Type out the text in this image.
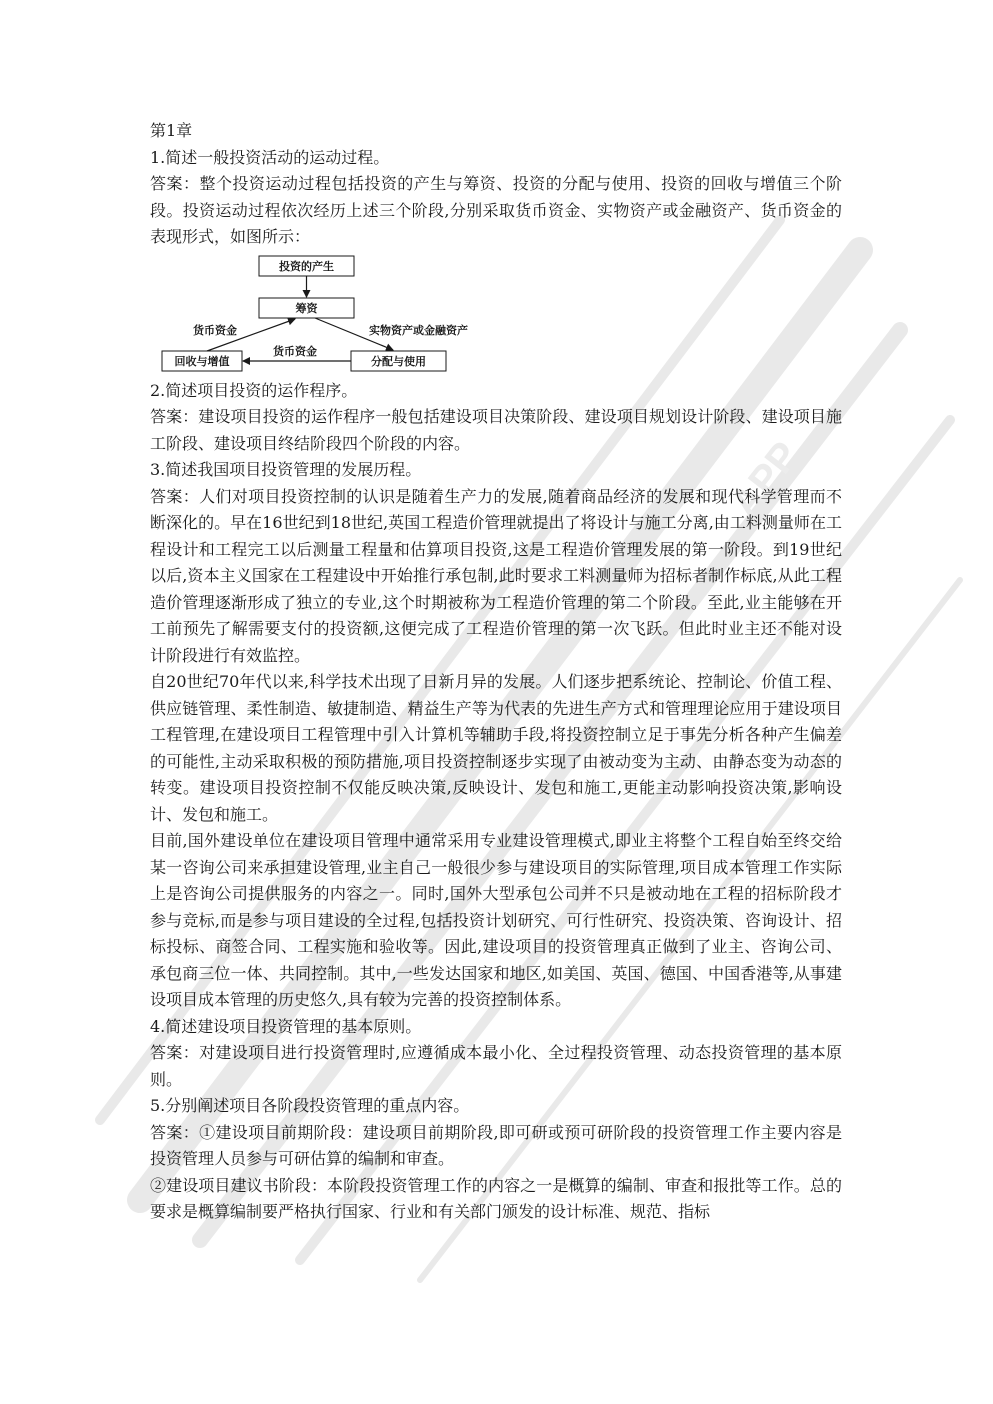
APP

第1章

1.简述一般投资活动的运动过程。

答案：整个投资运动过程包括投资的产生与筹资、投资的分配与使用、投资的回收与增值三个阶段。投资运动过程依次经历上述三个阶段,分别采取货币资金、实物资产或金融资产、货币资金的表现形式，如图所示：

投资的产生
筹资
回收与增值	分配与使用
货币资金	实物资产或金融资产
货币资金

2.简述项目投资的运作程序。

答案：建设项目投资的运作程序一般包括建设项目决策阶段、建设项目规划设计阶段、建设项目施工阶段、建设项目终结阶段四个阶段的内容。

3.简述我国项目投资管理的发展历程。

答案：人们对项目投资控制的认识是随着生产力的发展,随着商品经济的发展和现代科学管理而不断深化的。早在16世纪到18世纪,英国工程造价管理就提出了将设计与施工分离,由工料测量师在工程设计和工程完工以后测量工程量和估算项目投资,这是工程造价管理发展的第一阶段。到19世纪以后,资本主义国家在工程建设中开始推行承包制,此时要求工料测量师为招标者制作标底,从此工程造价管理逐渐形成了独立的专业,这个时期被称为工程造价管理的第二个阶段。至此,业主能够在开工前预先了解需要支付的投资额,这便完成了工程造价管理的第一次飞跃。但此时业主还不能对设计阶段进行有效监控。

自20世纪70年代以来,科学技术出现了日新月异的发展。人们逐步把系统论、控制论、价值工程、供应链管理、柔性制造、敏捷制造、精益生产等为代表的先进生产方式和管理理论应用于建设项目工程管理,在建设项目工程管理中引入计算机等辅助手段,将投资控制立足于事先分析各种产生偏差的可能性,主动采取积极的预防措施,项目投资控制逐步实现了由被动变为主动、由静态变为动态的转变。建设项目投资控制不仅能反映决策,反映设计、发包和施工,更能主动影响投资决策,影响设计、发包和施工。

目前,国外建设单位在建设项目管理中通常采用专业建设管理模式,即业主将整个工程自始至终交给某一咨询公司来承担建设管理,业主自己一般很少参与建设项目的实际管理,项目成本管理工作实际上是咨询公司提供服务的内容之一。同时,国外大型承包公司并不只是被动地在工程的招标阶段才参与竞标,而是参与项目建设的全过程,包括投资计划研究、可行性研究、投资决策、咨询设计、招标投标、商签合同、工程实施和验收等。因此,建设项目的投资管理真正做到了业主、咨询公司、承包商三位一体、共同控制。其中,一些发达国家和地区,如美国、英国、德国、中国香港等,从事建设项目成本管理的历史悠久,具有较为完善的投资控制体系。

4.简述建设项目投资管理的基本原则。

答案：对建设项目进行投资管理时,应遵循成本最小化、全过程投资管理、动态投资管理的基本原则。

5.分别阐述项目各阶段投资管理的重点内容。

答案：①建设项目前期阶段：建设项目前期阶段,即可研或预可研阶段的投资管理工作主要内容是投资管理人员参与可研估算的编制和审查。

②建设项目建议书阶段：本阶段投资管理工作的内容之一是概算的编制、审查和报批等工作。总的要求是概算编制要严格执行国家、行业和有关部门颁发的设计标准、规范、指标
